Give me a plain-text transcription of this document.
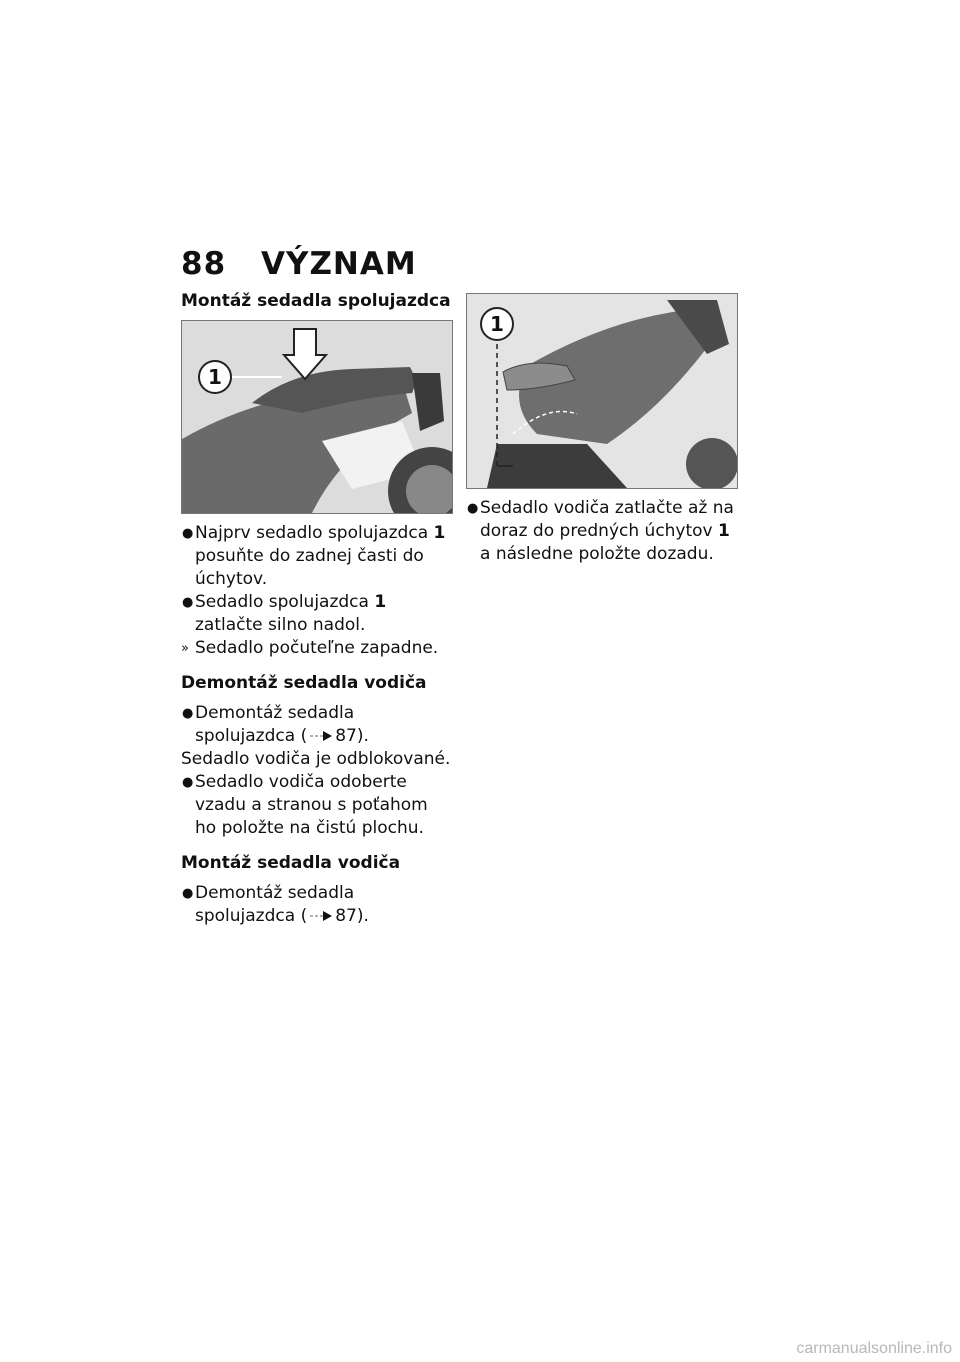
88	VÝZNAM
Montáž sedadla spolujazdca
1
● Najprv sedadlo spolujazdca 1 posuňte do zadnej časti do úchytov.
● Sedadlo spolujazdca 1 zatlačte silno nadol.
» Sedadlo počuteľne zapadne.
Demontáž sedadla vodiča
● Demontáž sedadla spolujazdca ( 87).
Sedadlo vodiča je odblokované.
● Sedadlo vodiča odoberte vzadu a stranou s poťahom ho položte na čistú plochu.
Montáž sedadla vodiča
● Demontáž sedadla spolujazdca ( 87).
1
● Sedadlo vodiča zatlačte až na doraz do predných úchytov 1 a následne položte dozadu.
carmanualsonline.info
